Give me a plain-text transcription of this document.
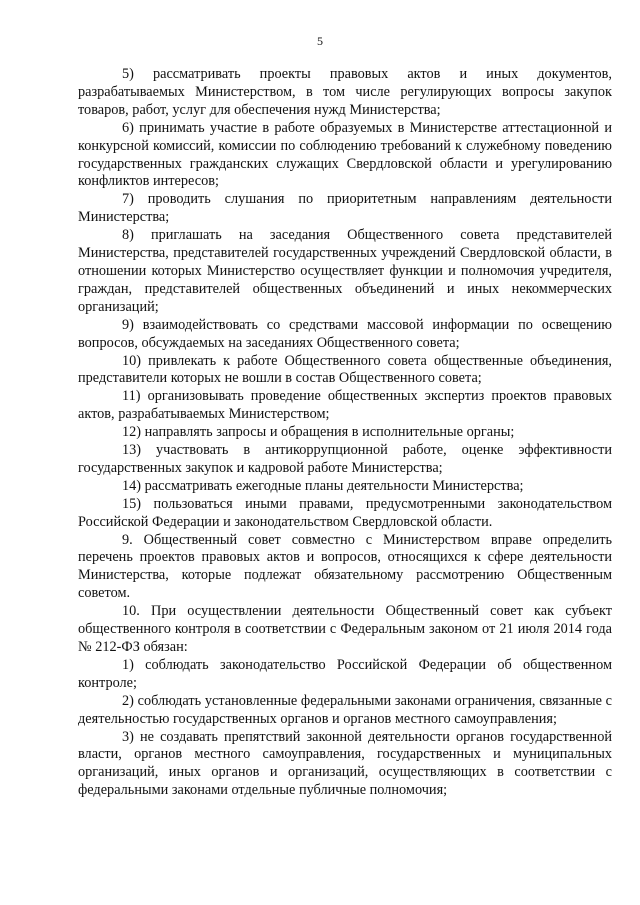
5

5) рассматривать проекты правовых актов и иных документов, разрабатываемых Министерством, в том числе регулирующих вопросы закупок товаров, работ, услуг для обеспечения нужд Министерства;

6) принимать участие в работе образуемых в Министерстве аттестационной и конкурсной комиссий, комиссии по соблюдению требований к служебному поведению государственных гражданских служащих Свердловской области и урегулированию конфликтов интересов;

7) проводить слушания по приоритетным направлениям деятельности Министерства;

8) приглашать на заседания Общественного совета представителей Министерства, представителей государственных учреждений Свердловской области, в отношении которых Министерство осуществляет функции и полномочия учредителя, граждан, представителей общественных объединений и иных некоммерческих организаций;

9) взаимодействовать со средствами массовой информации по освещению вопросов, обсуждаемых на заседаниях Общественного совета;

10) привлекать к работе Общественного совета общественные объединения, представители которых не вошли в состав Общественного совета;

11) организовывать проведение общественных экспертиз проектов правовых актов, разрабатываемых Министерством;

12) направлять запросы и обращения в исполнительные органы;

13) участвовать в антикоррупционной работе, оценке эффективности государственных закупок и кадровой работе Министерства;

14) рассматривать ежегодные планы деятельности Министерства;

15) пользоваться иными правами, предусмотренными законодательством Российской Федерации и законодательством Свердловской области.

9. Общественный совет совместно с Министерством вправе определить перечень проектов правовых актов и вопросов, относящихся к сфере деятельности Министерства, которые подлежат обязательному рассмотрению Общественным советом.

10. При осуществлении деятельности Общественный совет как субъект общественного контроля в соответствии с Федеральным законом от 21 июля 2014 года № 212-ФЗ обязан:

1) соблюдать законодательство Российской Федерации об общественном контроле;

2) соблюдать установленные федеральными законами ограничения, связанные с деятельностью государственных органов и органов местного самоуправления;

3) не создавать препятствий законной деятельности органов государственной власти, органов местного самоуправления, государственных и муниципальных организаций, иных органов и организаций, осуществляющих в соответствии с федеральными законами отдельные публичные полномочия;
